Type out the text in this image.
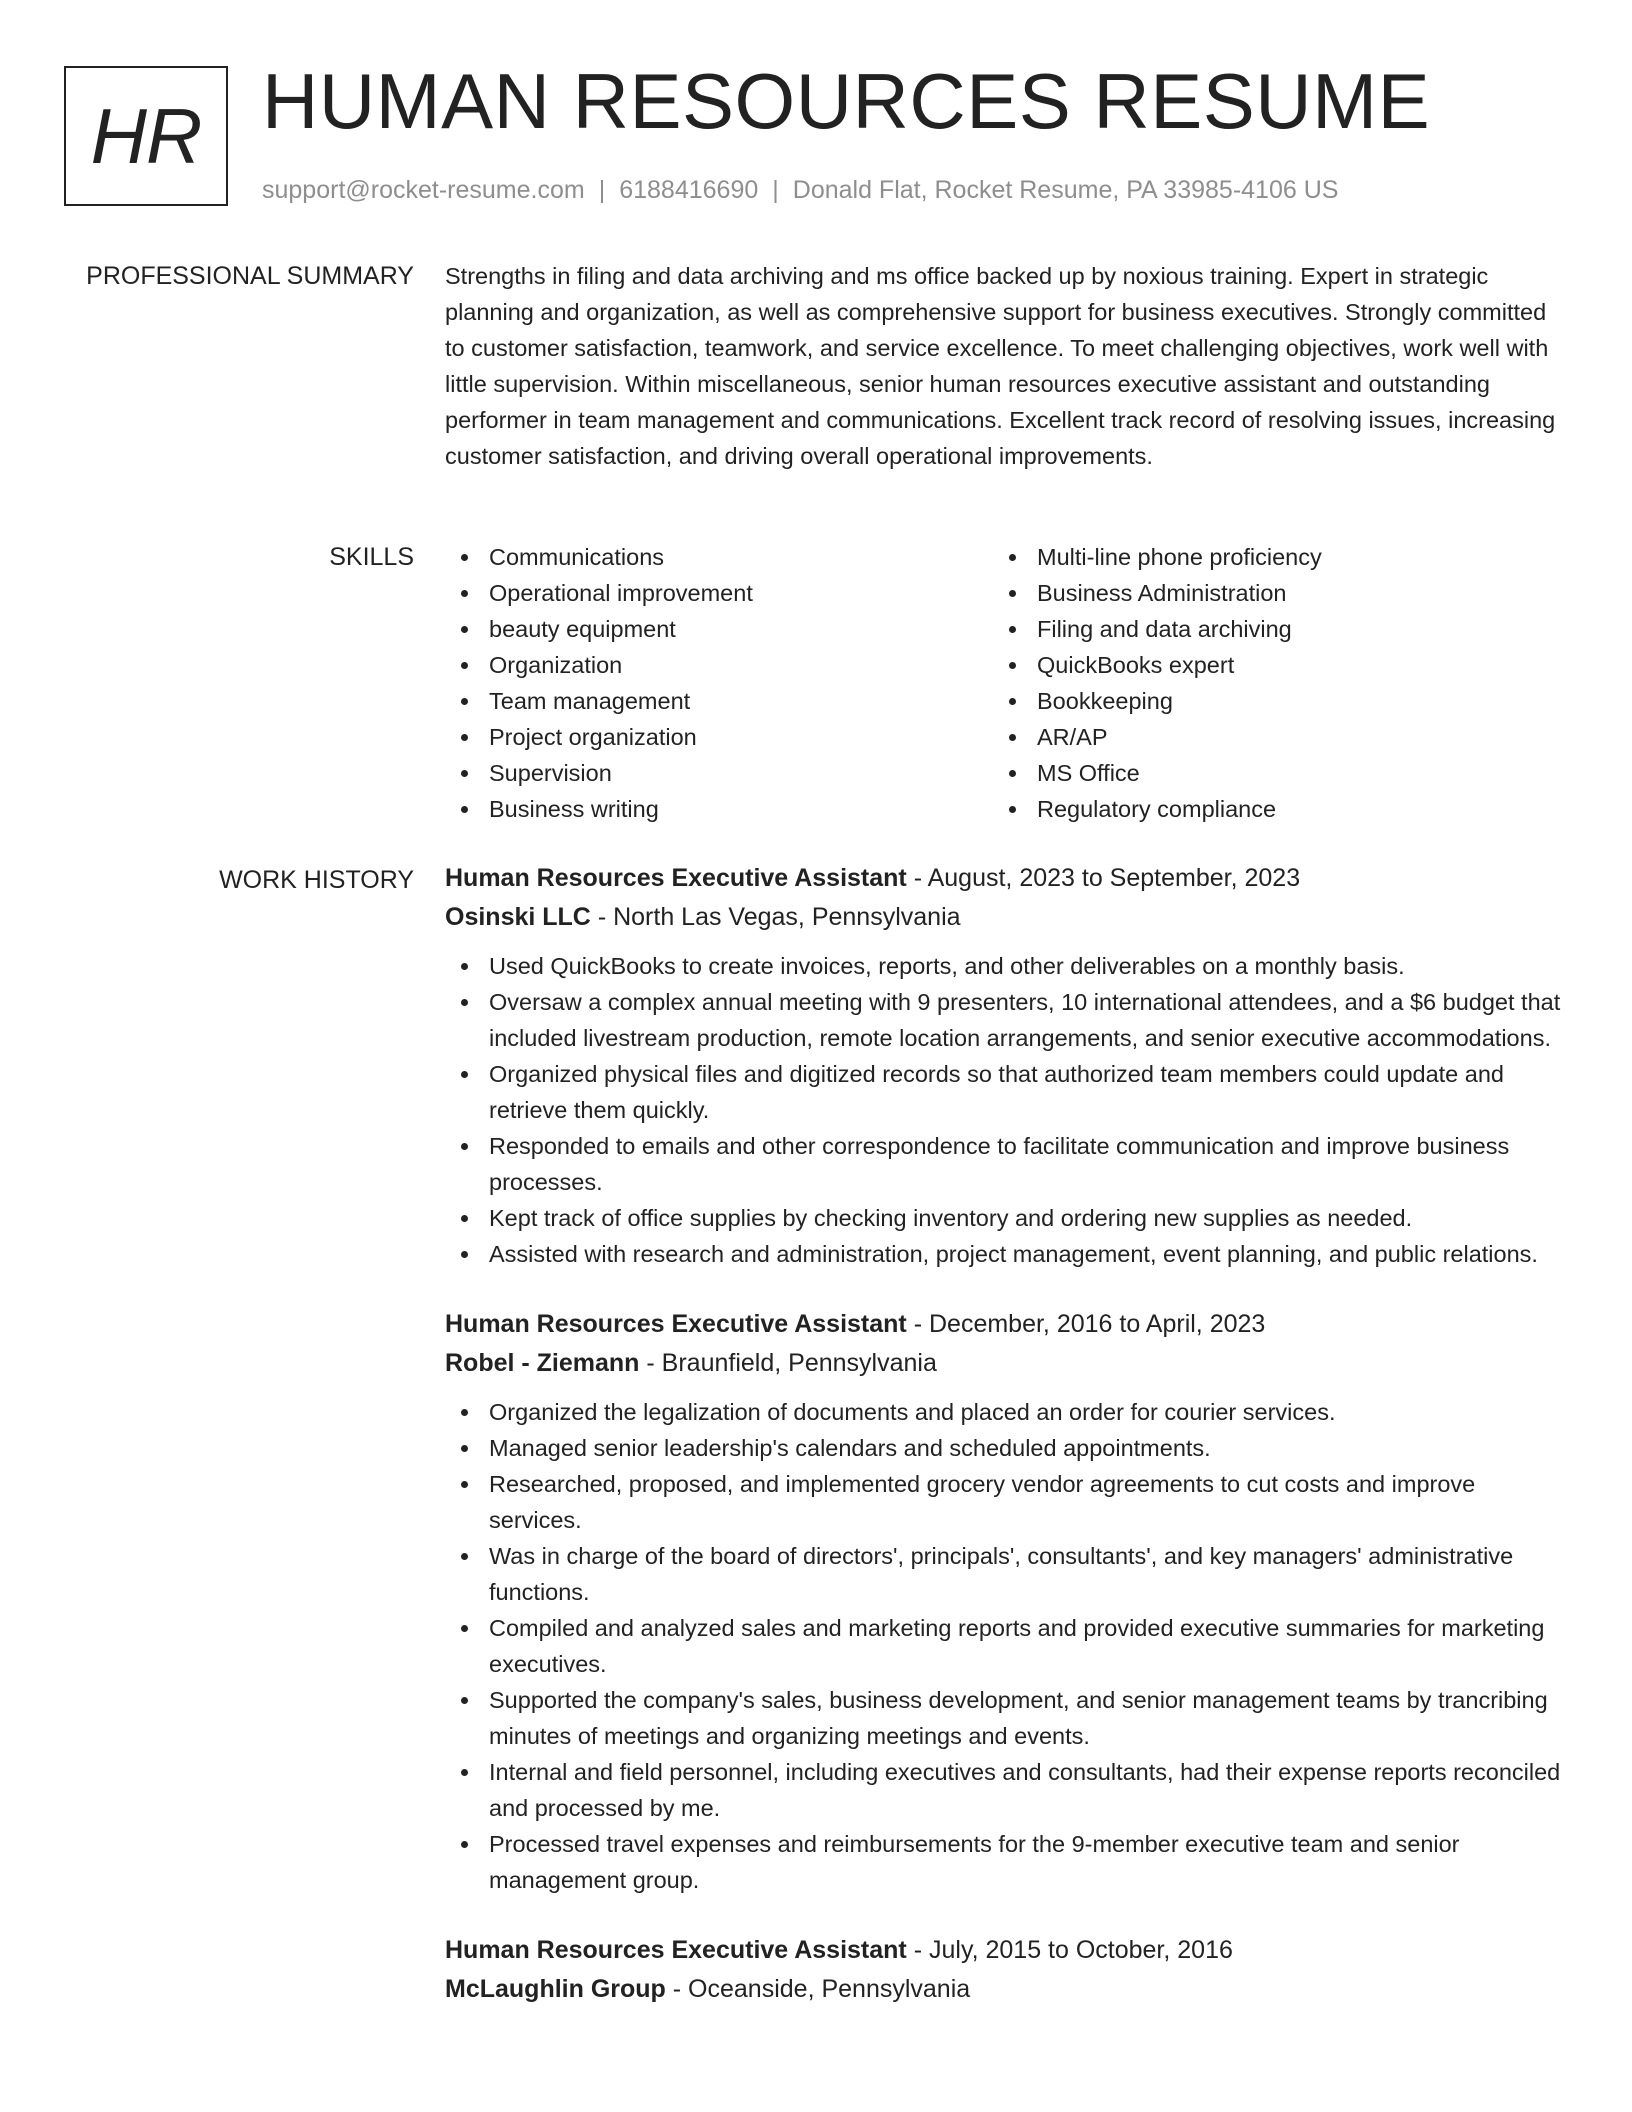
HR HUMAN RESOURCES RESUME
support@rocket-resume.com | 6188416690 | Donald Flat, Rocket Resume, PA 33985-4106 US
PROFESSIONAL SUMMARY Strengths in filing and data archiving and ms office backed up by noxious training. Expert in strategic planning and organization, as well as comprehensive support for business executives. Strongly committed to customer satisfaction, teamwork, and service excellence. To meet challenging objectives, work well with little supervision. Within miscellaneous, senior human resources executive assistant and outstanding performer in team management and communications. Excellent track record of resolving issues, increasing customer satisfaction, and driving overall operational improvements.

SKILLS	Communications
Operational improvement
beauty equipment
Organization
Team management
Project organization
Supervision
Business writing
Multi-line phone proficiency
Business Administration
Filing and data archiving
QuickBooks expert
Bookkeeping
AR/AP
MS Office
Regulatory compliance
WORK HISTORY Human Resources Executive Assistant - August, 2023 to September, 2023
Osinski LLC - North Las Vegas, Pennsylvania
Used QuickBooks to create invoices, reports, and other deliverables on a monthly basis.
Oversaw a complex annual meeting with 9 presenters, 10 international attendees, and a $6 budget that included livestream production, remote location arrangements, and senior executive accommodations.
Organized physical files and digitized records so that authorized team members could update and retrieve them quickly.
Responded to emails and other correspondence to facilitate communication and improve business processes.
Kept track of office supplies by checking inventory and ordering new supplies as needed.
Assisted with research and administration, project management, event planning, and public relations.
Human Resources Executive Assistant - December, 2016 to April, 2023
Robel - Ziemann - Braunfield, Pennsylvania
Organized the legalization of documents and placed an order for courier services.
Managed senior leadership's calendars and scheduled appointments.
Researched, proposed, and implemented grocery vendor agreements to cut costs and improve services.
Was in charge of the board of directors', principals', consultants', and key managers' administrative functions.
Compiled and analyzed sales and marketing reports and provided executive summaries for marketing executives.
Supported the company's sales, business development, and senior management teams by trancribing minutes of meetings and organizing meetings and events.
Internal and field personnel, including executives and consultants, had their expense reports reconciled and processed by me.
Processed travel expenses and reimbursements for the 9-member executive team and senior management group.
Human Resources Executive Assistant - July, 2015 to October, 2016
McLaughlin Group - Oceanside, Pennsylvania
